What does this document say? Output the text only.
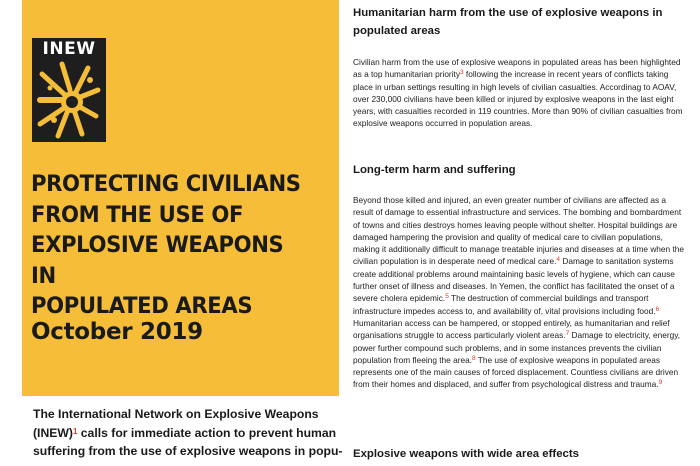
INEW
PROTECTING CIVILIANS
FROM THE USE OF
EXPLOSIVE WEAPONS IN
POPULATED AREAS
October 2019

The International Network on Explosive Weapons (INEW)$^1$ calls for immediate action to prevent human suffering from the use of explosive weapons in popu-

Humanitarian harm from the use of explosive weapons in populated areas

Civilian harm from the use of explosive weapons in populated areas has been highlighted as a top humanitarian priority$^3$ following the increase in recent years of conflicts taking place in urban settings resulting in high levels of civilian casualties. Accordinag to AOAV, over 230,000 civilians have been killed or injured by explosive weapons in the last eight years, with casualties recorded in 119 countries. More than 90% of civilian casualties from explosive weapons occurred in population areas.

Long-term harm and suffering

Beyond those killed and injured, an even greater number of civilians are affected as a result of damage to essential infrastructure and services. The bombing and bombardment of towns and cities destroys homes leaving people without shelter. Hospital buildings are damaged hampering the provision and quality of medical care to civilian populations, making it additionally difficult to manage treatable injuries and diseases at a time when the civilian population is in desperate need of medical care.$^4$ Damage to sanitation systems create additional problems around maintaining basic levels of hygiene, which can cause further onset of illness and diseases. In Yemen, the conflict has facilitated the onset of a severe cholera epidemic.$^5$ The destruction of commercial buildings and transport infrastructure impedes access to, and availability of, vital provisions including food.$^6$ Humanitarian access can be hampered, or stopped entirely, as humanitarian and relief organisations struggle to access particularly violent areas.$^7$ Damage to electricity, energy, power further compound such problems, and in some instances prevents the civilian population from fleeing the area.$^8$ The use of explosive weapons in populated areas represents one of the main causes of forced displacement. Countless civilians are driven from their homes and displaced, and suffer from psychological distress and trauma.$^9$

Explosive weapons with wide area effects
